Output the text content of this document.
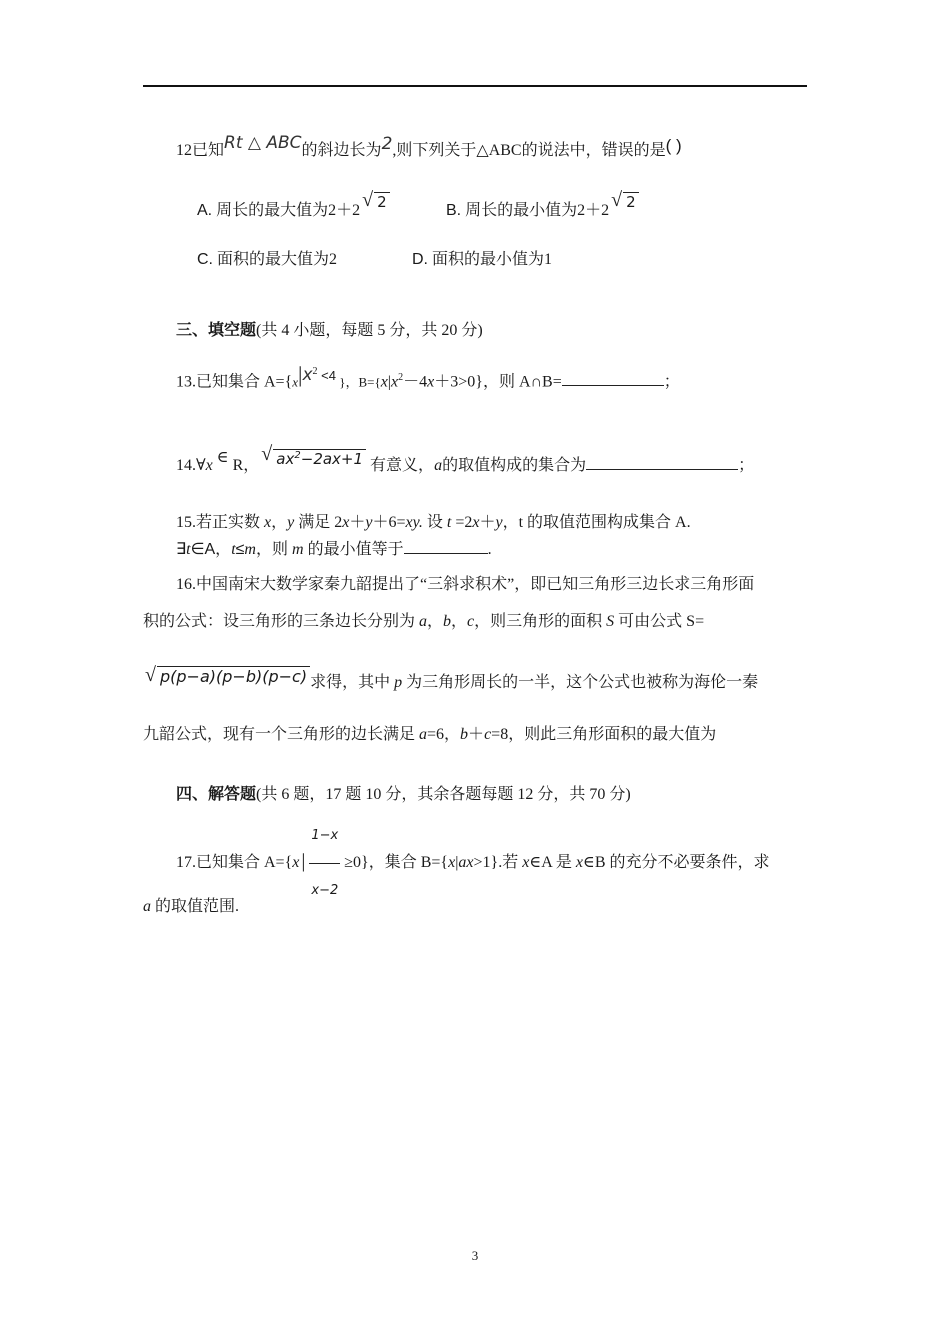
12已知Rt △ ABC的斜边长为2,则下列关于△ABC的说法中，错误的是( )
A. 周长的最大值为2＋2 √ 2	B. 周长的最小值为2＋2 √ 2
C. 面积的最大值为2	D. 面积的最小值为1
三、填空题(共 4 小题，每题 5 分，共 20 分)
13.已知集合 $A=\{x|x^2$ $^{<4}$ }，$B=\{x|x^2-4x+3>0\}$，则 A∩B=	；
14.∀x ∈ R，
√ $ax^2-2ax+1$ 有意义，a的取值构成的集合为	；
15.若正实数 x，y 满足 2x＋y＋6=xy. 设 t =2x＋y，t 的取值范围构成集合 A.
∃t∈A，t≤m，则 m 的最小值等于	.
16.中国南宋大数学家秦九韶提出了“三斜求积术”，即已知三角形三边长求三角形面
积的公式：设三角形的三条边长分别为 a，b，c，则三角形的面积 S 可由公式 S=
√ p(p−a)(p−b)(p−c) 求得，其中 p 为三角形周长的一半，这个公式也被称为海伦一秦
九韶公式，现有一个三角形的边长满足 a=6，b＋c=8，则此三角形面积的最大值为
四、解答题(共 6 题，17 题 10 分，其余各题每题 12 分，共 70 分)
17.已知集合 A={x | $\frac{1-x}{x-2} \ge 0$}，集合 B={x|ax>1}.若 x∈A 是 x∈B 的充分不必要条件，求
a 的取值范围.
3
